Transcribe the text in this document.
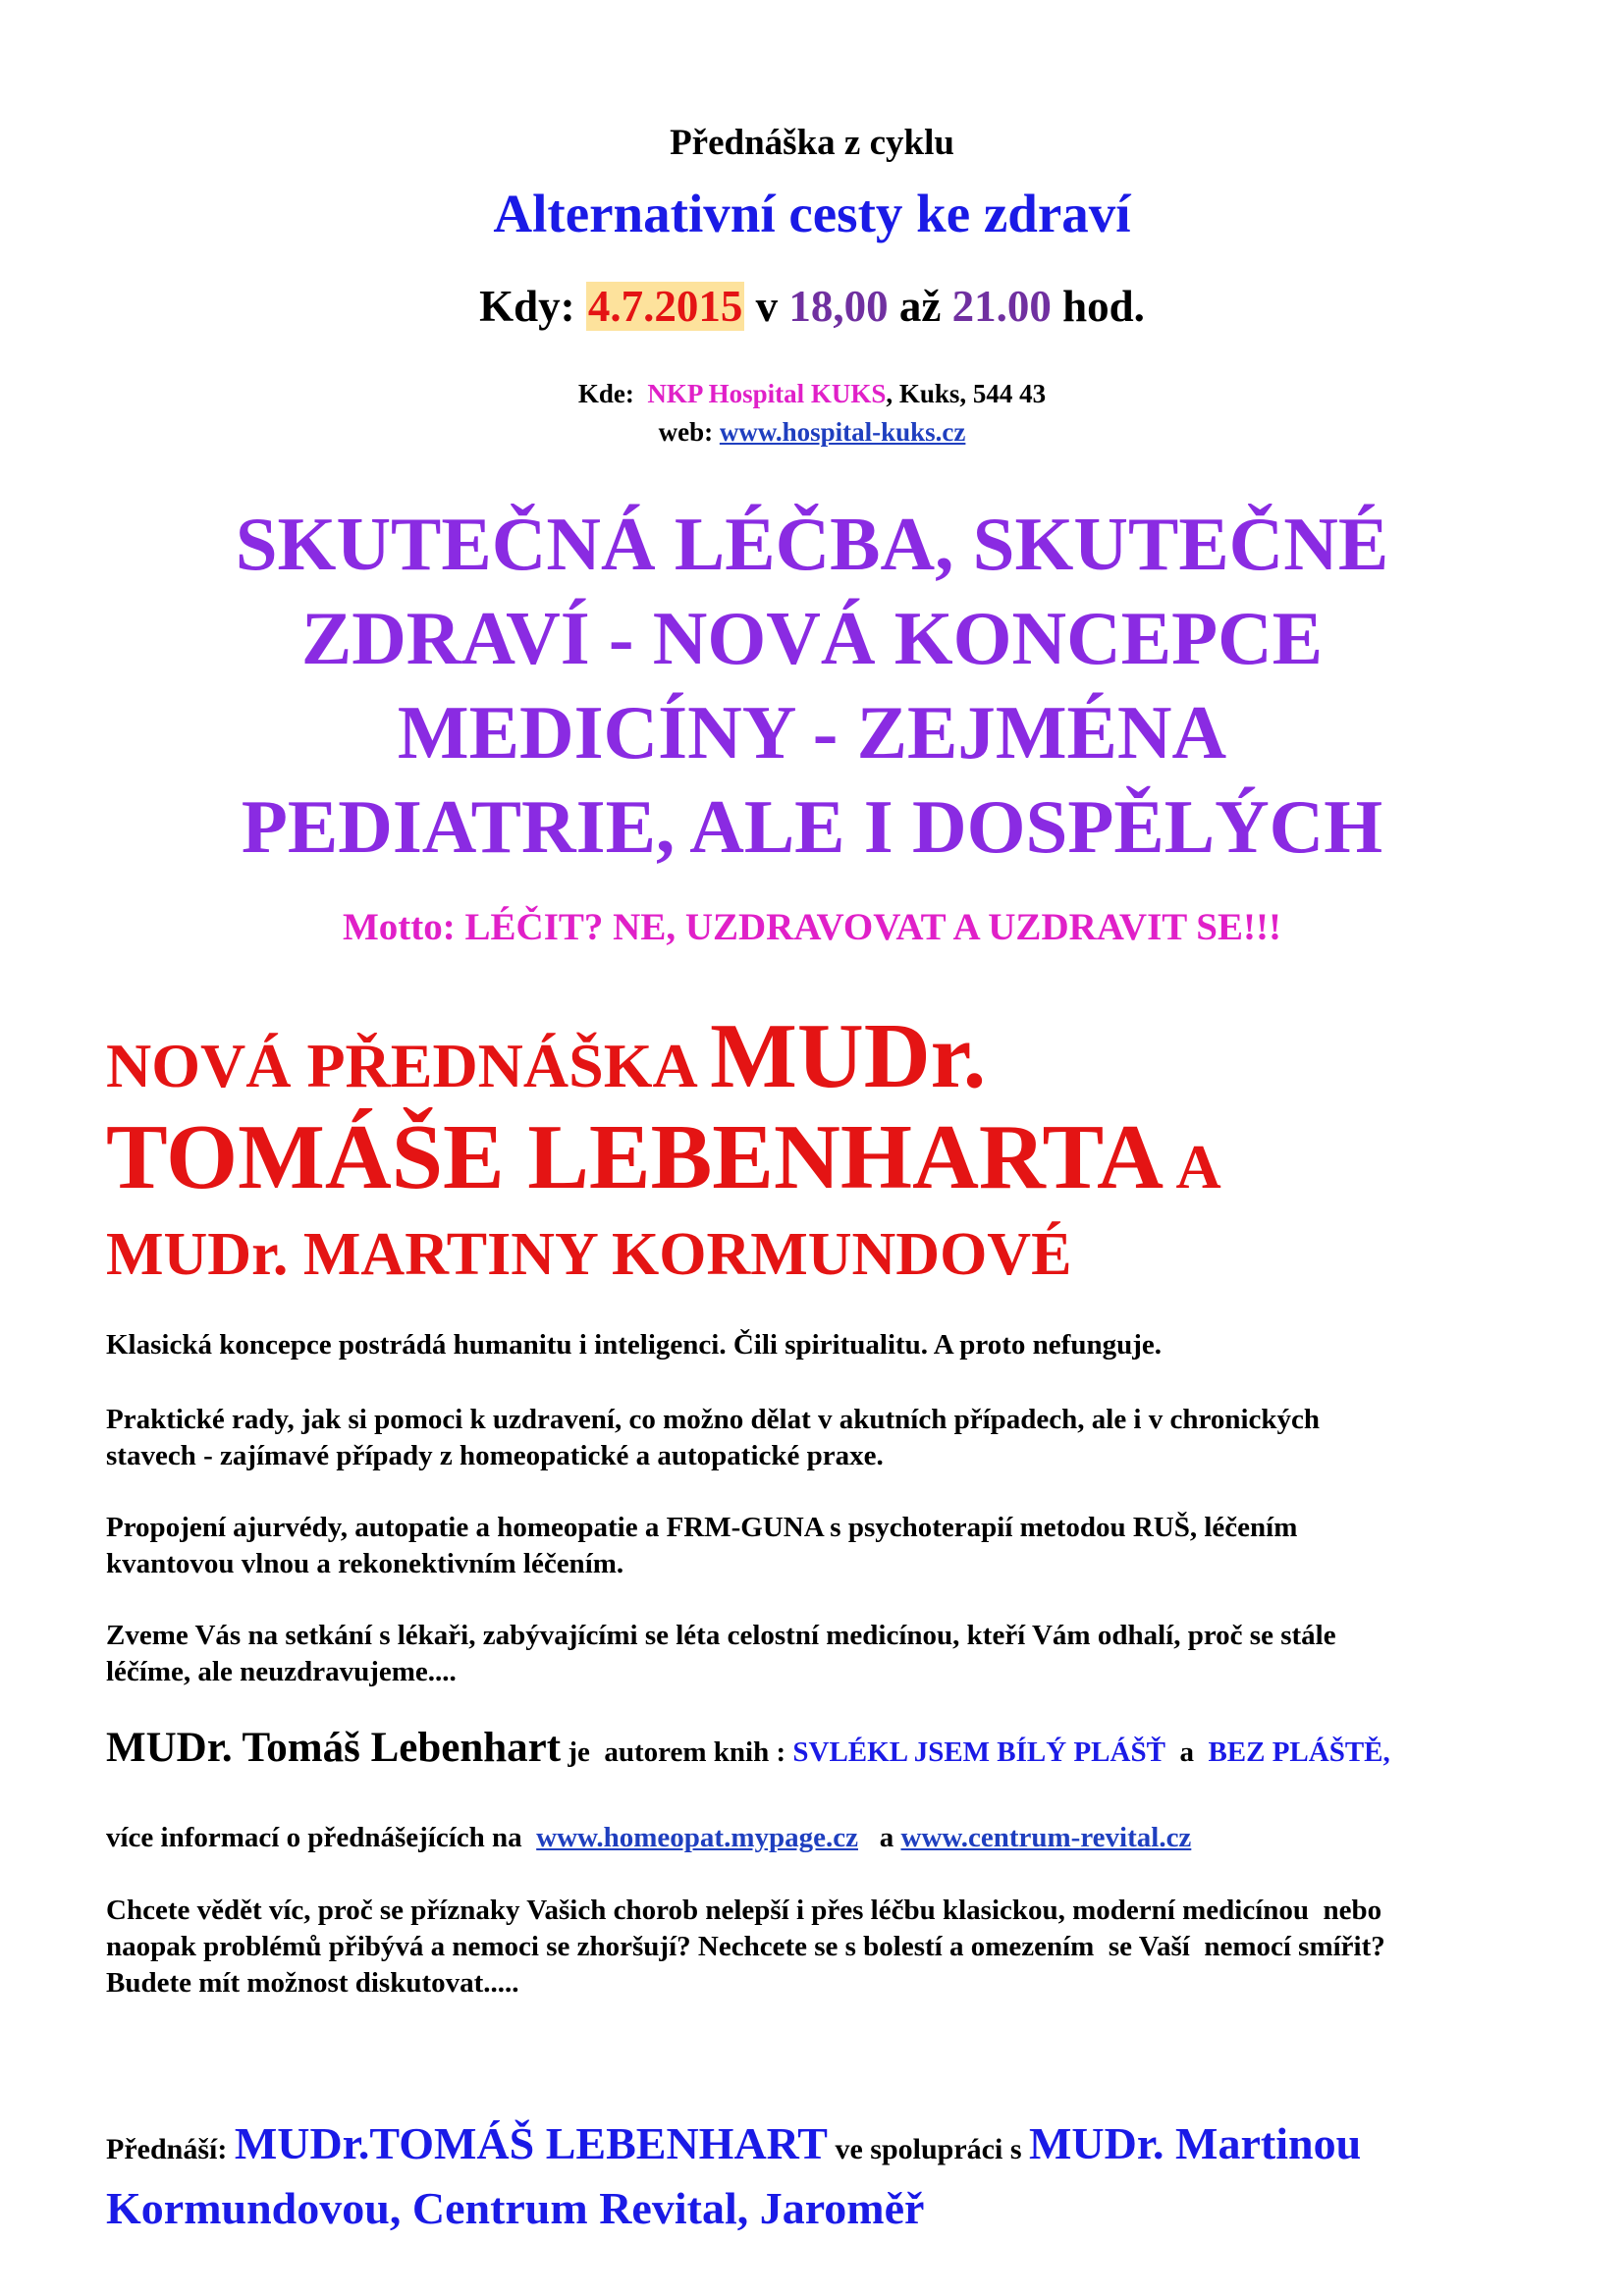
Přednáška z cyklu
Alternativní cesty ke zdraví
Kdy: 4.7.2015 v 18,00 až 21.00 hod.
Kde: NKP Hospital KUKS, Kuks, 544 43
web: www.hospital-kuks.cz
SKUTEČNÁ LÉČBA, SKUTEČNÉ
ZDRAVÍ - NOVÁ KONCEPCE
MEDICÍNY - ZEJMÉNA
PEDIATRIE, ALE I DOSPĚLÝCH
Motto: LÉČIT? NE, UZDRAVOVAT A UZDRAVIT SE!!!
NOVÁ PŘEDNÁŠKA MUDr.
TOMÁŠE LEBENHARTA A
MUDr. MARTINY KORMUNDOVÉ
Klasická koncepce postrádá humanitu i inteligenci. Čili spiritualitu. A proto nefunguje.
Praktické rady, jak si pomoci k uzdravení, co možno dělat v akutních případech, ale i v chronických
stavech - zajímavé případy z homeopatické a autopatické praxe.
Propojení ajurvédy, autopatie a homeopatie a FRM-GUNA s psychoterapií metodou RUŠ, léčením
kvantovou vlnou a rekonektivním léčením.
Zveme Vás na setkání s lékaři, zabývajícími se léta celostní medicínou, kteří Vám odhalí, proč se stále
léčíme, ale neuzdravujeme....
MUDr. Tomáš Lebenhart je  autorem knih : SVLÉKL JSEM BÍLÝ PLÁŠŤ  a  BEZ PLÁŠTĚ,
více informací o přednášejících na  www.homeopat.mypage.cz   a www.centrum-revital.cz
Chcete vědět víc, proč se příznaky Vašich chorob nelepší i přes léčbu klasickou, moderní medicínou  nebo
naopak problémů přibývá a nemoci se zhoršují? Nechcete se s bolestí a omezením  se Vaší  nemocí smířit?
Budete mít možnost diskutovat.....
Přednáší: MUDr.TOMÁŠ LEBENHART ve spolupráci s MUDr. Martinou
Kormundovou, Centrum Revital, Jaroměř
